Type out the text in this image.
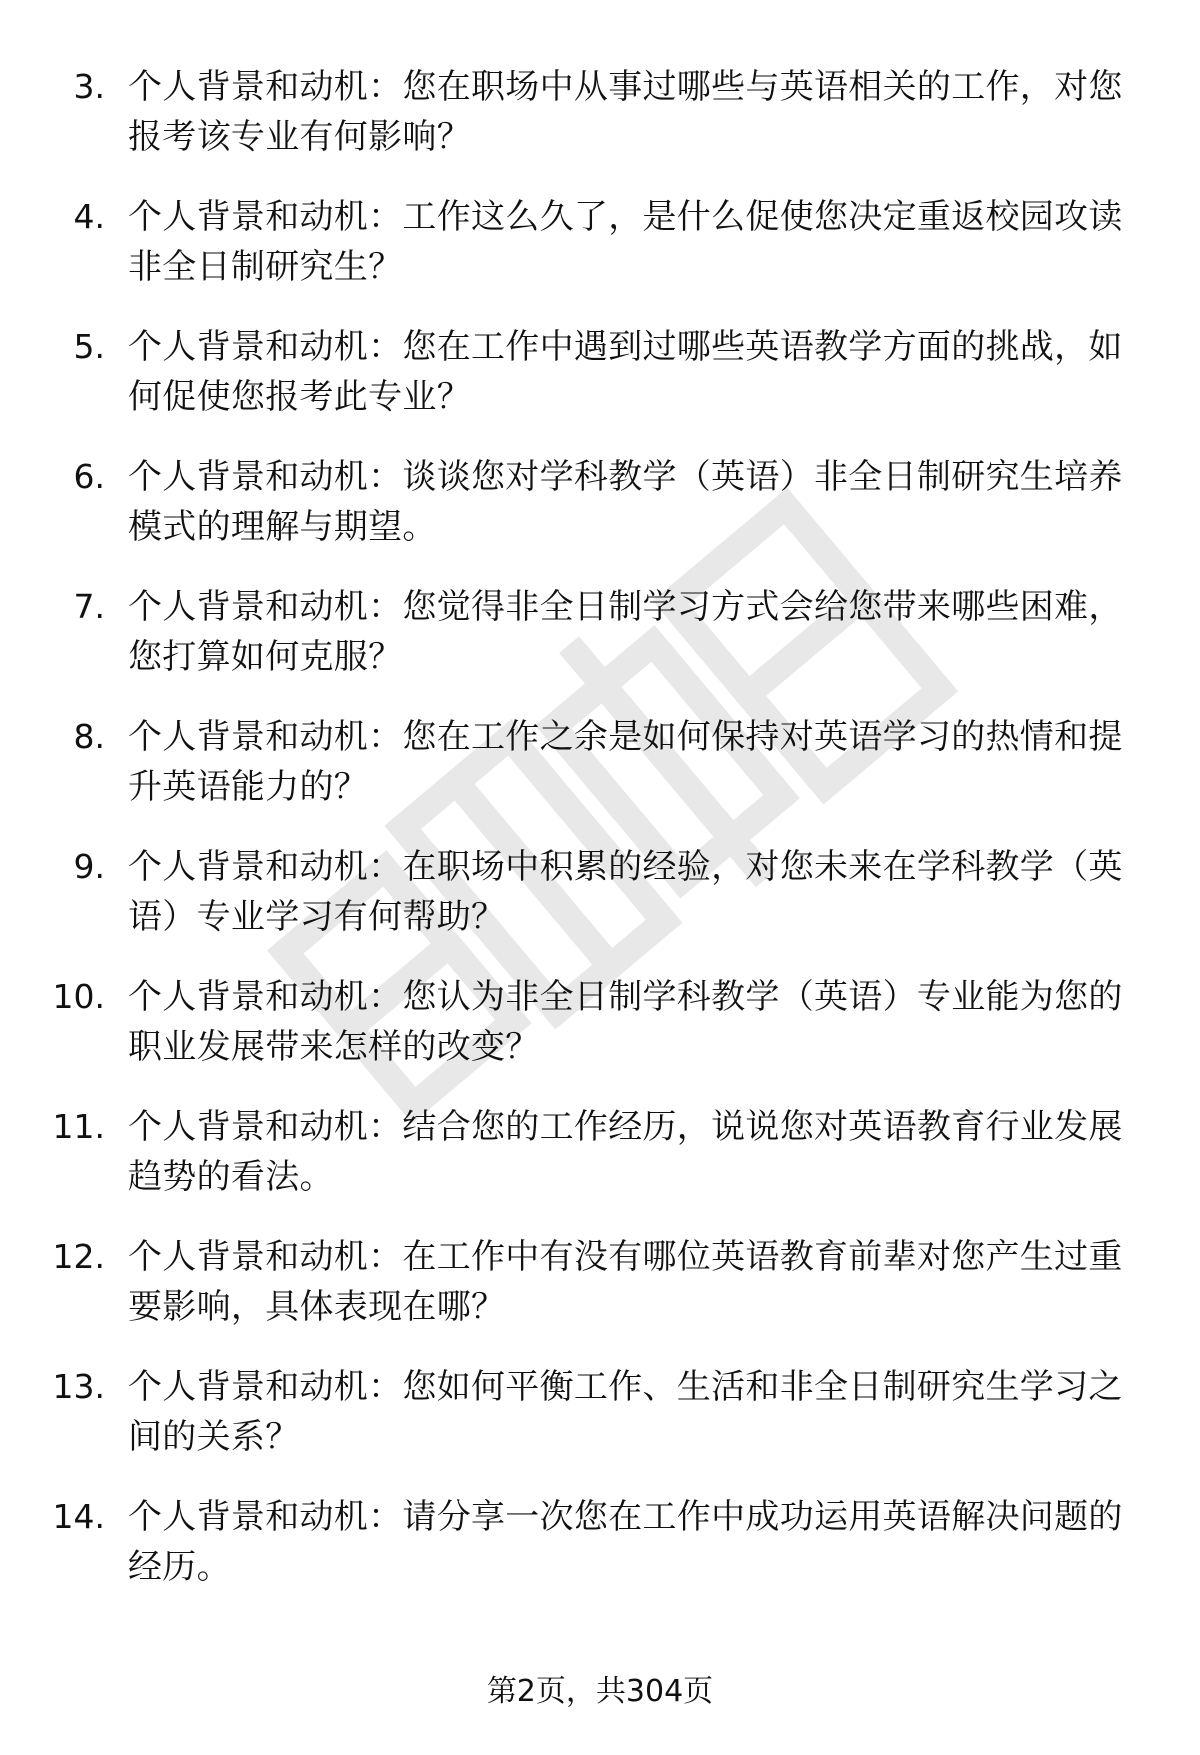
3. 个人背景和动机：您在职场中从事过哪些与英语相关的工作，对您报考该专业有何影响？
4. 个人背景和动机：工作这么久了，是什么促使您决定重返校园攻读非全日制研究生？
5. 个人背景和动机：您在工作中遇到过哪些英语教学方面的挑战，如何促使您报考此专业？
6. 个人背景和动机：谈谈您对学科教学（英语）非全日制研究生培养模式的理解与期望。
7. 个人背景和动机：您觉得非全日制学习方式会给您带来哪些困难，您打算如何克服？
8. 个人背景和动机：您在工作之余是如何保持对英语学习的热情和提升英语能力的？
9. 个人背景和动机：在职场中积累的经验，对您未来在学科教学（英语）专业学习有何帮助？
10. 个人背景和动机：您认为非全日制学科教学（英语）专业能为您的职业发展带来怎样的改变？
11. 个人背景和动机：结合您的工作经历，说说您对英语教育行业发展趋势的看法。
12. 个人背景和动机：在工作中有没有哪位英语教育前辈对您产生过重要影响，具体表现在哪？
13. 个人背景和动机：您如何平衡工作、生活和非全日制研究生学习之间的关系？
14. 个人背景和动机：请分享一次您在工作中成功运用英语解决问题的经历。
第2页，共304页
